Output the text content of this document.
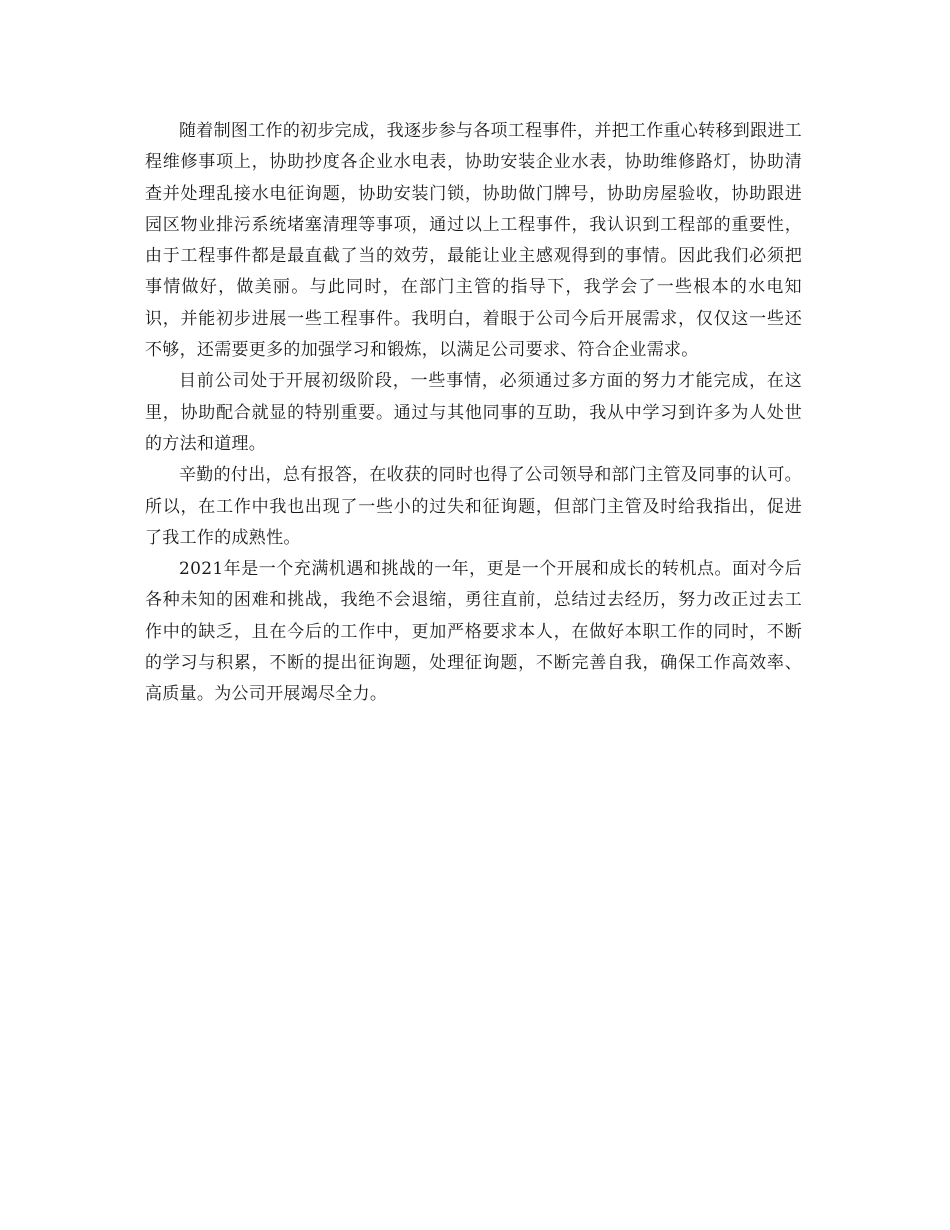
随着制图工作的初步完成，我逐步参与各项工程事件，并把工作重心转移到跟进工程维修事项上，协助抄度各企业水电表，协助安装企业水表，协助维修路灯，协助清查并处理乱接水电征询题，协助安装门锁，协助做门牌号，协助房屋验收，协助跟进园区物业排污系统堵塞清理等事项，通过以上工程事件，我认识到工程部的重要性，由于工程事件都是最直截了当的效劳，最能让业主感观得到的事情。因此我们必须把事情做好，做美丽。与此同时，在部门主管的指导下，我学会了一些根本的水电知识，并能初步进展一些工程事件。我明白，着眼于公司今后开展需求，仅仅这一些还不够，还需要更多的加强学习和锻炼，以满足公司要求、符合企业需求。

目前公司处于开展初级阶段，一些事情，必须通过多方面的努力才能完成，在这里，协助配合就显的特别重要。通过与其他同事的互助，我从中学习到许多为人处世的方法和道理。

辛勤的付出，总有报答，在收获的同时也得了公司领导和部门主管及同事的认可。所以，在工作中我也出现了一些小的过失和征询题，但部门主管及时给我指出，促进了我工作的成熟性。

2021年是一个充满机遇和挑战的一年，更是一个开展和成长的转机点。面对今后各种未知的困难和挑战，我绝不会退缩，勇往直前，总结过去经历，努力改正过去工作中的缺乏，且在今后的工作中，更加严格要求本人，在做好本职工作的同时，不断的学习与积累，不断的提出征询题，处理征询题，不断完善自我，确保工作高效率、高质量。为公司开展竭尽全力。
